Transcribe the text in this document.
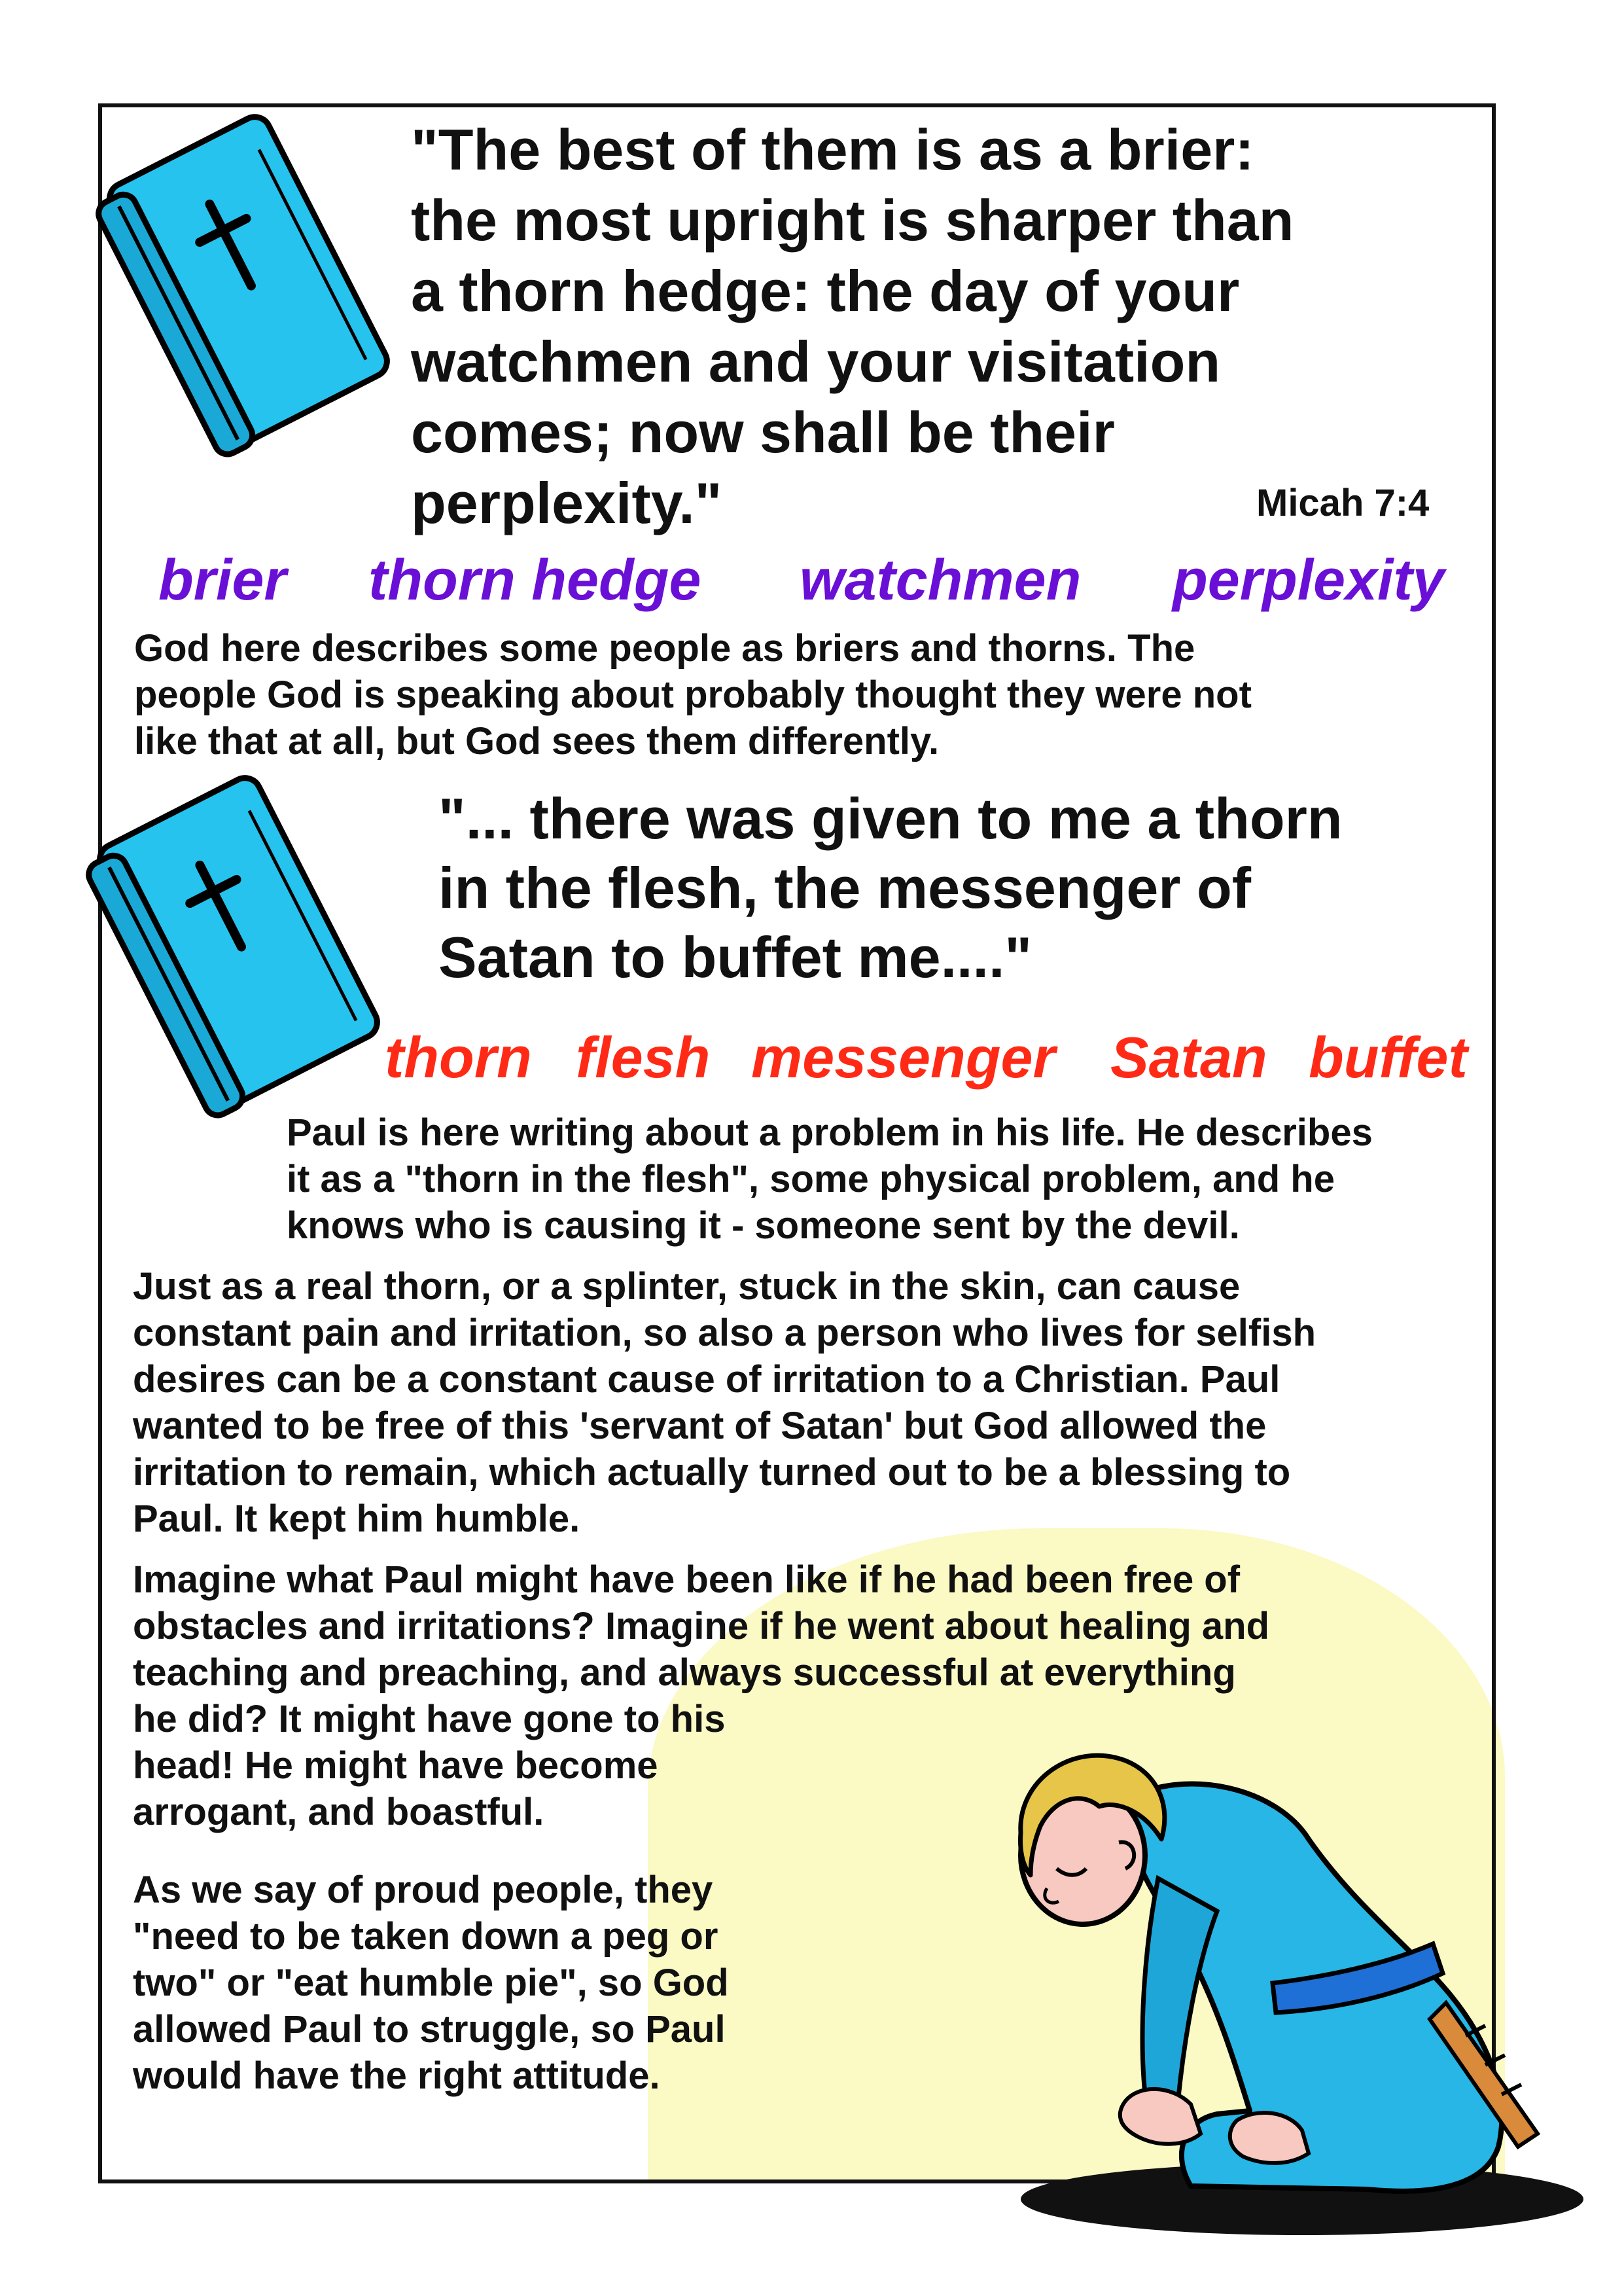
"The best of them is as a brier:
the most upright is sharper than
a thorn hedge: the day of your
watchmen and your visitation
comes; now shall be their
perplexity."	Micah 7:4
brier thorn hedge watchmen perplexity
God here describes some people as briers and thorns. The
people God is speaking about probably thought they were not
like that at all, but God sees them differently.
"... there was given to me a thorn
in the flesh, the messenger of
Satan to buffet me...."
thorn flesh messenger Satan buffet
Paul is here writing about a problem in his life. He describes
it as a "thorn in the flesh", some physical problem, and he
knows who is causing it - someone sent by the devil.
Just as a real thorn, or a splinter, stuck in the skin, can cause
constant pain and irritation, so also a person who lives for selfish
desires can be a constant cause of irritation to a Christian. Paul
wanted to be free of this 'servant of Satan' but God allowed the
irritation to remain, which actually turned out to be a blessing to
Paul. It kept him humble.
Imagine what Paul might have been like if he had been free of
obstacles and irritations? Imagine if he went about healing and
teaching and preaching, and always successful at everything
he did? It might have gone to his
head! He might have become
arrogant, and boastful.
As we say of proud people, they
"need to be taken down a peg or
two" or "eat humble pie", so God
allowed Paul to struggle, so Paul
would have the right attitude.
